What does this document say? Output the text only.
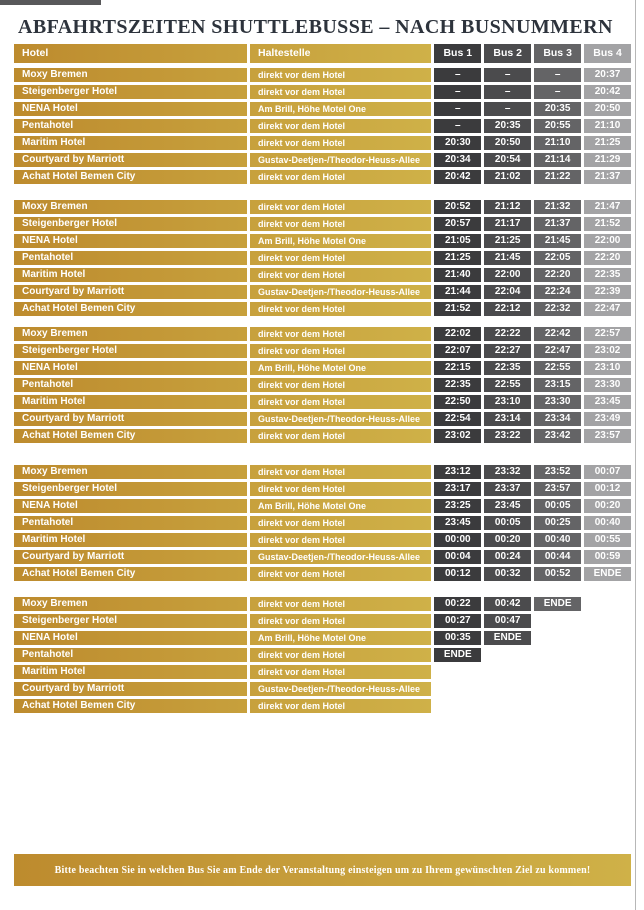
ABFAHRTSZEITEN SHUTTLEBUSSE – NACH BUSNUMMERN
Hotel	Haltestelle	Bus 1	Bus 2	Bus 3	Bus 4
Moxy Bremen	direkt vor dem Hotel	–	–	–	20:37
Steigenberger Hotel	direkt vor dem Hotel	–	–	–	20:42
NENA Hotel	Am Brill, Höhe Motel One	–	–	20:35	20:50
Pentahotel	direkt vor dem Hotel	–	20:35	20:55	21:10
Maritim Hotel	direkt vor dem Hotel	20:30	20:50	21:10	21:25
Courtyard by Marriott	Gustav-Deetjen-/Theodor-Heuss-Allee	20:34	20:54	21:14	21:29
Achat Hotel Bemen City	direkt vor dem Hotel	20:42	21:02	21:22	21:37
Moxy Bremen	direkt vor dem Hotel	20:52	21:12	21:32	21:47
Steigenberger Hotel	direkt vor dem Hotel	20:57	21:17	21:37	21:52
NENA Hotel	Am Brill, Höhe Motel One	21:05	21:25	21:45	22:00
Pentahotel	direkt vor dem Hotel	21:25	21:45	22:05	22:20
Maritim Hotel	direkt vor dem Hotel	21:40	22:00	22:20	22:35
Courtyard by Marriott	Gustav-Deetjen-/Theodor-Heuss-Allee	21:44	22:04	22:24	22:39
Achat Hotel Bemen City	direkt vor dem Hotel	21:52	22:12	22:32	22:47
Moxy Bremen	direkt vor dem Hotel	22:02	22:22	22:42	22:57
Steigenberger Hotel	direkt vor dem Hotel	22:07	22:27	22:47	23:02
NENA Hotel	Am Brill, Höhe Motel One	22:15	22:35	22:55	23:10
Pentahotel	direkt vor dem Hotel	22:35	22:55	23:15	23:30
Maritim Hotel	direkt vor dem Hotel	22:50	23:10	23:30	23:45
Courtyard by Marriott	Gustav-Deetjen-/Theodor-Heuss-Allee	22:54	23:14	23:34	23:49
Achat Hotel Bemen City	direkt vor dem Hotel	23:02	23:22	23:42	23:57
Moxy Bremen	direkt vor dem Hotel	23:12	23:32	23:52	00:07
Steigenberger Hotel	direkt vor dem Hotel	23:17	23:37	23:57	00:12
NENA Hotel	Am Brill, Höhe Motel One	23:25	23:45	00:05	00:20
Pentahotel	direkt vor dem Hotel	23:45	00:05	00:25	00:40
Maritim Hotel	direkt vor dem Hotel	00:00	00:20	00:40	00:55
Courtyard by Marriott	Gustav-Deetjen-/Theodor-Heuss-Allee	00:04	00:24	00:44	00:59
Achat Hotel Bemen City	direkt vor dem Hotel	00:12	00:32	00:52	ENDE
Moxy Bremen	direkt vor dem Hotel	00:22	00:42	ENDE
Steigenberger Hotel	direkt vor dem Hotel	00:27	00:47
NENA Hotel	Am Brill, Höhe Motel One	00:35	ENDE
Pentahotel	direkt vor dem Hotel	ENDE
Maritim Hotel	direkt vor dem Hotel
Courtyard by Marriott	Gustav-Deetjen-/Theodor-Heuss-Allee
Achat Hotel Bemen City	direkt vor dem Hotel
Bitte beachten Sie in welchen Bus Sie am Ende der Veranstaltung einsteigen um zu Ihrem gewünschten Ziel zu kommen!
